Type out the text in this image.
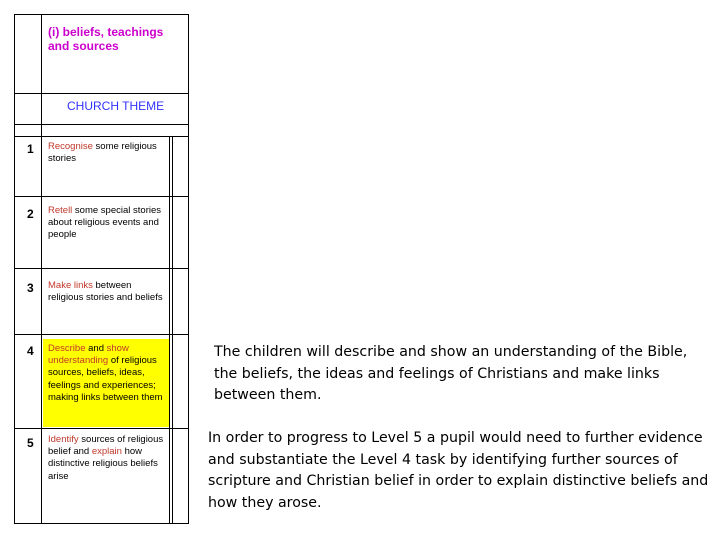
(i) beliefs, teachings
and sources
CHURCH THEME
1 Recognise some religious stories
2 Retell some special stories about religious events and people
3 Make links between religious stories and beliefs
4 Describe and show understanding of religious sources, beliefs, ideas, feelings and experiences; making links between them
5 Identify sources of religious belief and explain how distinctive religious beliefs arise
The children will describe and show an understanding of the Bible, the beliefs, the ideas and feelings of Christians and make links between them.
In order to progress to Level 5 a pupil would need to further evidence and substantiate the Level 4 task by identifying further sources of scripture and Christian belief in order to explain distinctive beliefs and how they arose.
